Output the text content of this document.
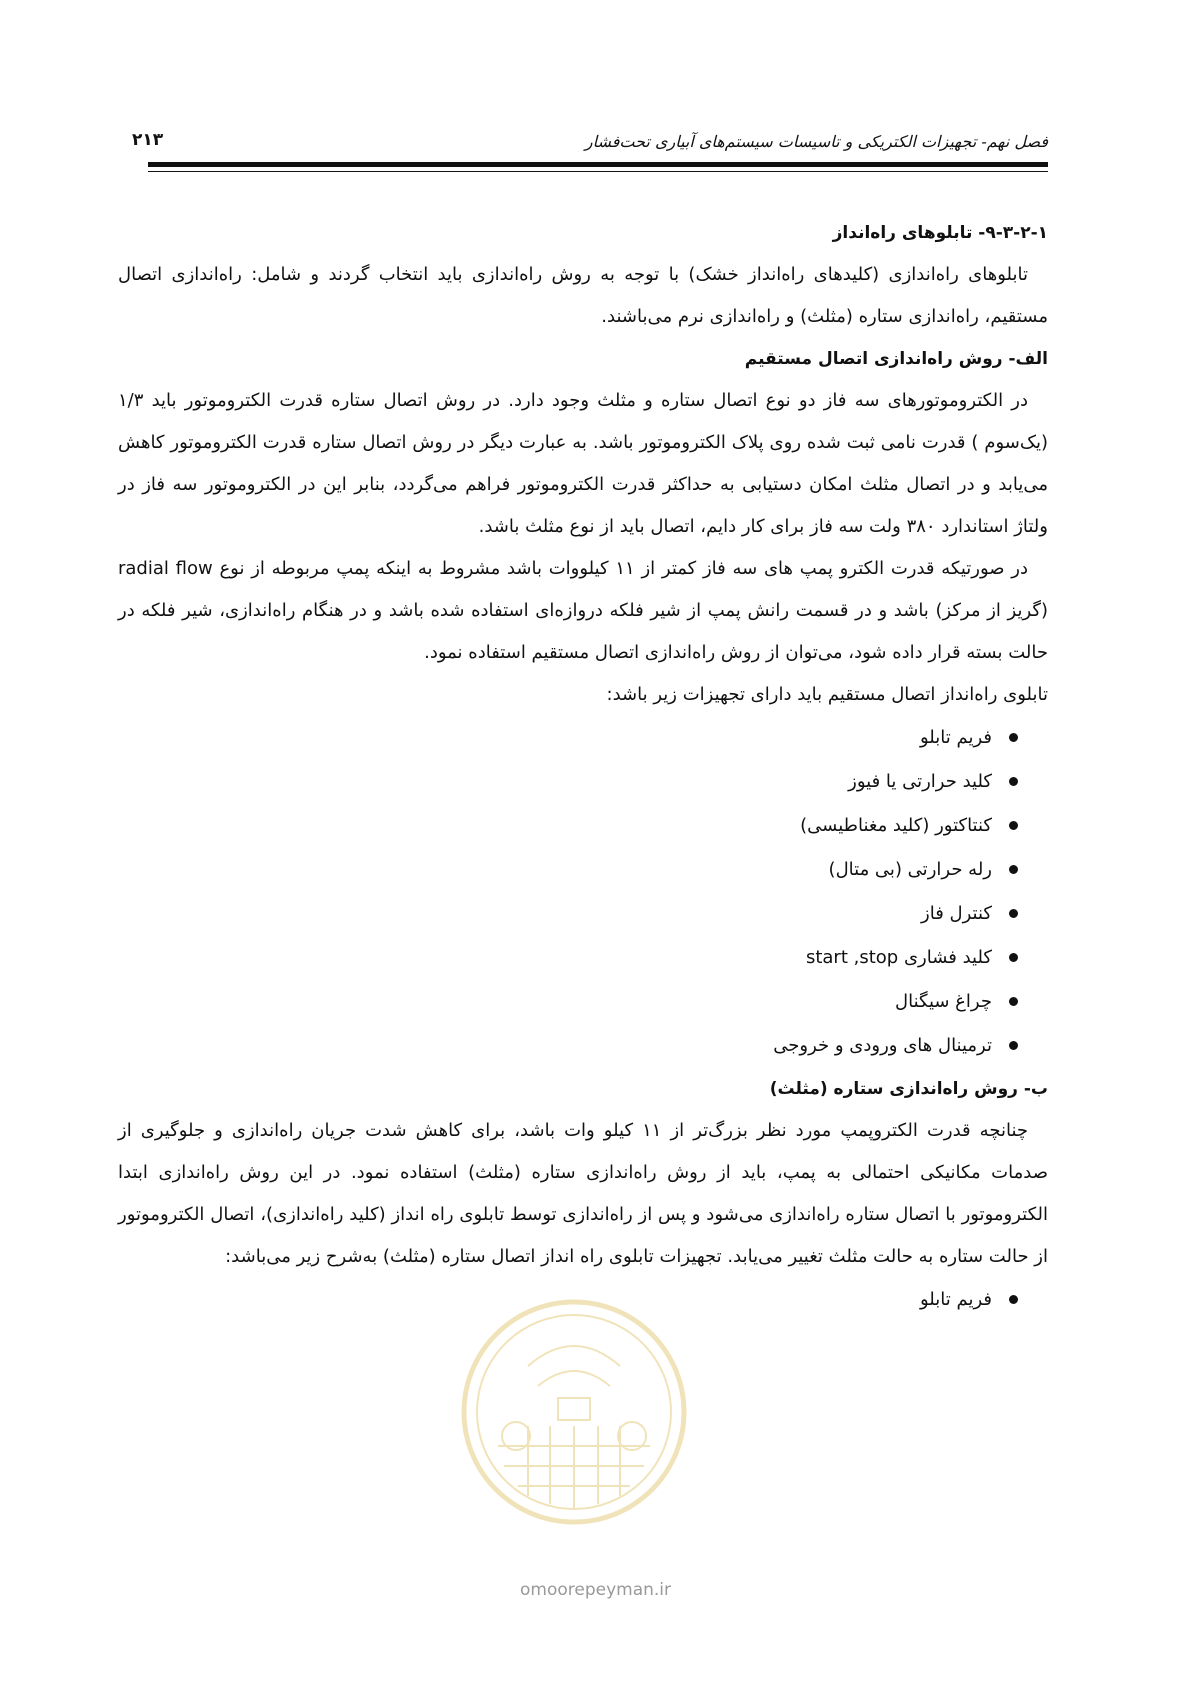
فصل نهم- تجهیزات الکتریکی و تاسیسات سیستم‌های آبیاری تحت‌فشار
۲۱۳

۹-۳-۲-۱- تابلوهای راه‌انداز

تابلوهای راه‌اندازی (کلیدهای راه‌انداز خشک) با توجه به روش راه‌اندازی باید انتخاب گردند و شامل: راه‌اندازی اتصال مستقیم، راه‌اندازی ستاره (مثلث) و راه‌اندازی نرم می‌باشند.

الف- روش راه‌اندازی اتصال مستقیم

در الکتروموتورهای سه فاز دو نوع اتصال ستاره و مثلث وجود دارد. در روش اتصال ستاره قدرت الکتروموتور باید ۱/۳ (یک‌سوم ) قدرت نامی ثبت شده روی پلاک الکتروموتور باشد. به عبارت دیگر در روش اتصال ستاره قدرت الکتروموتور کاهش می‌یابد و در اتصال مثلث امکان دستیابی به حداکثر قدرت الکتروموتور فراهم می‌گردد، بنابر این در الکتروموتور سه فاز در ولتاژ استاندارد ۳۸۰ ولت سه فاز برای کار دایم، اتصال باید از نوع مثلث باشد.

در صورتیکه قدرت الکترو پمپ های سه فاز کمتر از ۱۱ کیلووات باشد مشروط به اینکه پمپ مربوطه از نوع radial flow (گریز از مرکز) باشد و در قسمت رانش پمپ از شیر فلکه دروازه‌ای استفاده شده باشد و در هنگام راه‌اندازی، شیر فلکه در حالت بسته قرار داده شود، می‌توان از روش راه‌اندازی اتصال مستقیم استفاده نمود.

تابلوی راه‌انداز اتصال مستقیم باید دارای تجهیزات زیر باشد:

فریم تابلو
کلید حرارتی یا فیوز
کنتاکتور (کلید مغناطیسی)
رله حرارتی (بی متال)
کنترل فاز
کلید فشاری start ,stop
چراغ سیگنال
ترمینال های ورودی و خروجی

ب- روش راه‌اندازی ستاره (مثلث)

چنانچه قدرت الکتروپمپ مورد نظر بزرگ‌تر از ۱۱ کیلو وات باشد، برای کاهش شدت جریان راه‌اندازی و جلوگیری از صدمات مکانیکی احتمالی به پمپ، باید از روش راه‌اندازی ستاره (مثلث) استفاده نمود. در این روش راه‌اندازی ابتدا الکتروموتور با اتصال ستاره راه‌اندازی می‌شود و پس از راه‌اندازی توسط تابلوی راه انداز (کلید راه‌اندازی)، اتصال الکتروموتور از حالت ستاره به حالت مثلث تغییر می‌یابد. تجهیزات تابلوی راه انداز اتصال ستاره (مثلث) به‌شرح زیر می‌باشد:

فریم تابلو
omoorepeyman.ir
